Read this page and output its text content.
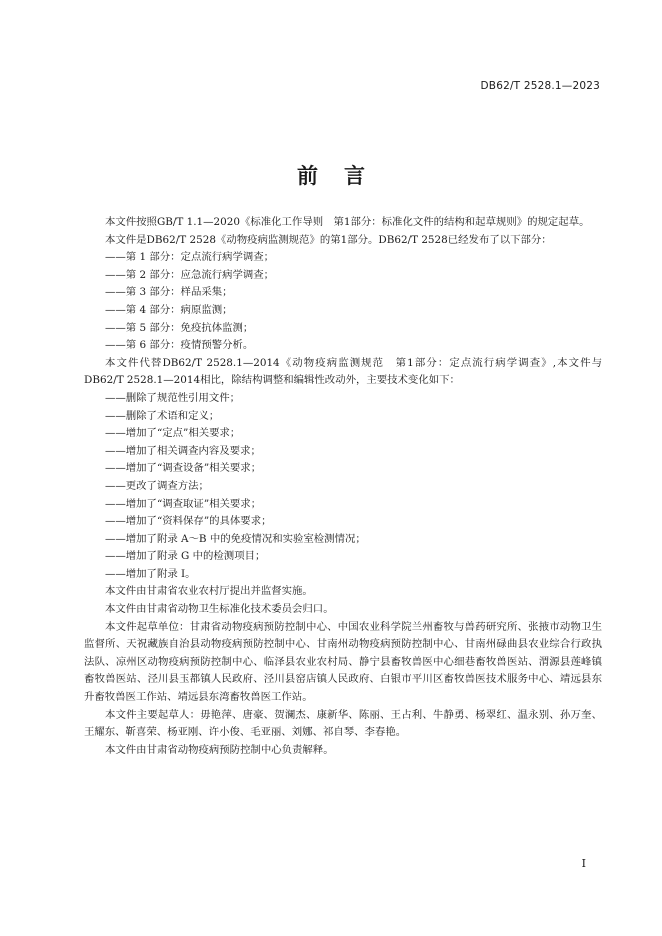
DB62/T 2528.1—2023
前言

本文件按照GB/T 1.1—2020《标准化工作导则　第1部分：标准化文件的结构和起草规则》的规定起草。

本文件是DB62/T 2528《动物疫病监测规范》的第1部分。DB62/T 2528已经发布了以下部分：

——第 1 部分：定点流行病学调查；

——第 2 部分：应急流行病学调查；

——第 3 部分：样品采集；

——第 4 部分：病原监测；

——第 5 部分：免疫抗体监测；

——第 6 部分：疫情预警分析。

本文件代替DB62/T 2528.1—2014《动物疫病监测规范　第1部分：定点流行病学调查》,本文件与DB62/T 2528.1—2014相比，除结构调整和编辑性改动外，主要技术变化如下：

——删除了规范性引用文件；

——删除了术语和定义；

——增加了“定点”相关要求；

——增加了相关调查内容及要求；

——增加了“调查设备”相关要求；

——更改了调查方法；

——增加了“调查取证”相关要求；

——增加了“资料保存”的具体要求；

——增加了附录 A～B 中的免疫情况和实验室检测情况；

——增加了附录 G 中的检测项目；

——增加了附录 I。

本文件由甘肃省农业农村厅提出并监督实施。

本文件由甘肃省动物卫生标准化技术委员会归口。

本文件起草单位：甘肃省动物疫病预防控制中心、中国农业科学院兰州畜牧与兽药研究所、张掖市动物卫生监督所、天祝藏族自治县动物疫病预防控制中心、甘南州动物疫病预防控制中心、甘南州碌曲县农业综合行政执法队、凉州区动物疫病预防控制中心、临泽县农业农村局、静宁县畜牧兽医中心细巷畜牧兽医站、渭源县莲峰镇畜牧兽医站、泾川县玉都镇人民政府、泾川县窑店镇人民政府、白银市平川区畜牧兽医技术服务中心、靖远县东升畜牧兽医工作站、靖远县东湾畜牧兽医工作站。

本文件主要起草人：毋艳萍、唐豪、贺澜杰、康新华、陈丽、王占利、牛静勇、杨翠红、温永别、孙万奎、王耀东、靳喜荣、杨亚刚、许小俊、毛亚丽、刘娜、祁自琴、李春艳。

本文件由甘肃省动物疫病预防控制中心负责解释。

I
